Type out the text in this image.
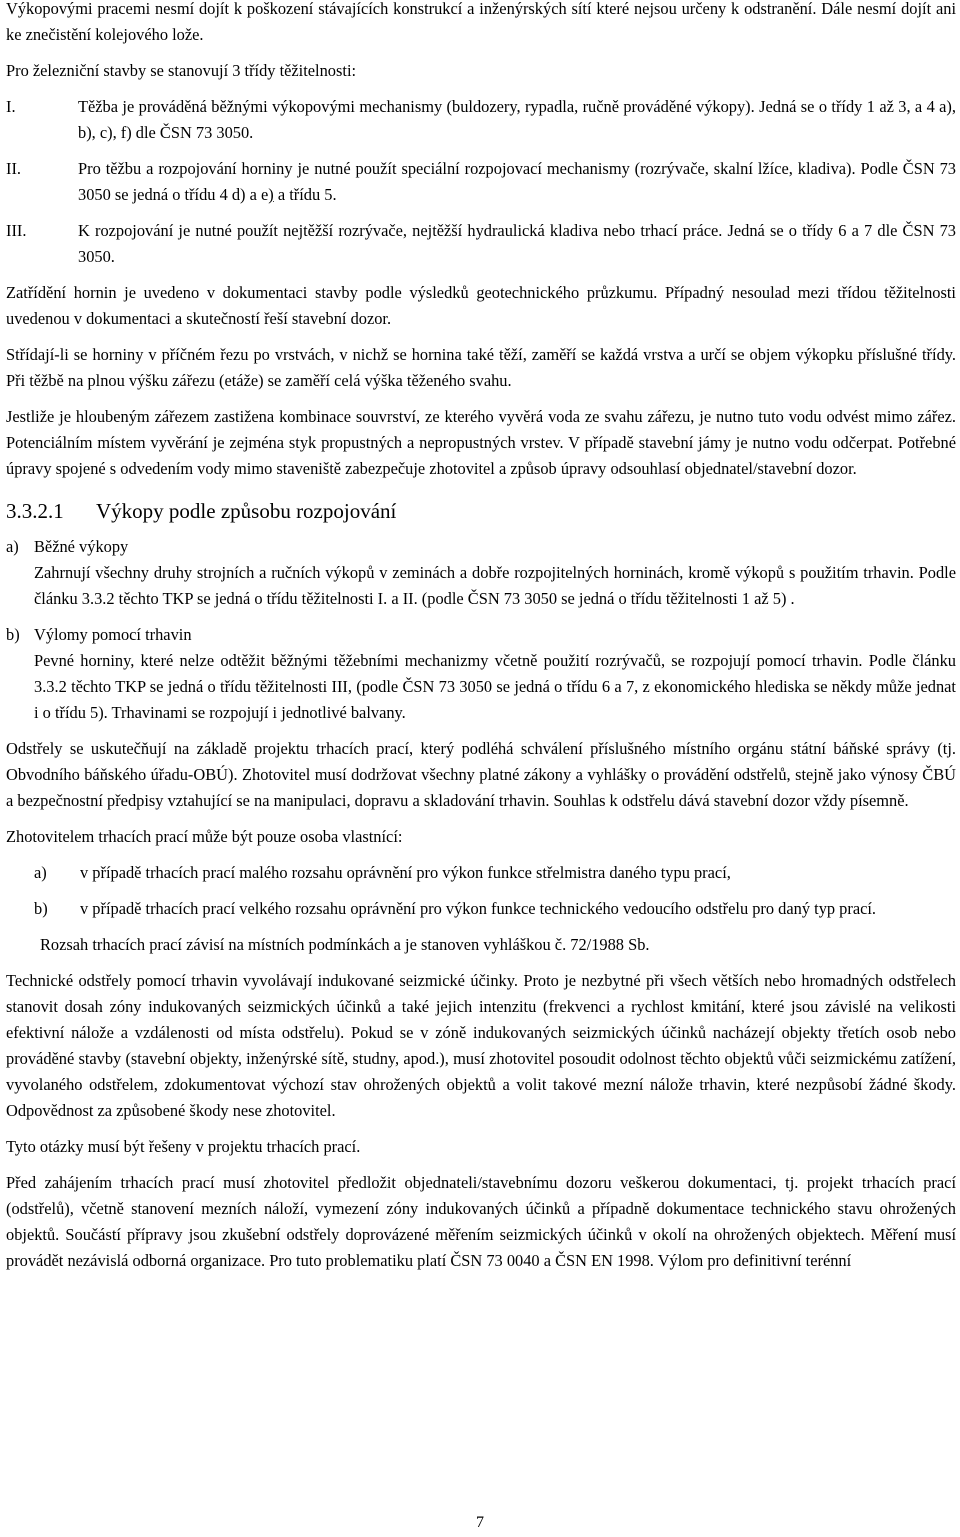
Výkopovými pracemi nesmí dojít k poškození stávajících konstrukcí a inženýrských sítí které nejsou určeny k odstranění. Dále nesmí dojít ani ke znečistění kolejového lože.

Pro železniční stavby se stanovují 3 třídy těžitelnosti:

I.	Těžba je prováděná běžnými výkopovými mechanismy (buldozery, rypadla, ručně prováděné výkopy). Jedná se o třídy 1 až 3, a 4 a), b), c), f) dle ČSN 73 3050.
II.	Pro těžbu a rozpojování horniny je nutné použít speciální rozpojovací mechanismy (rozrývače, skalní lžíce, kladiva). Podle ČSN 73 3050 se jedná o třídu 4 d) a e) a třídu 5.
III.	K rozpojování je nutné použít nejtěžší rozrývače, nejtěžší hydraulická kladiva nebo trhací práce. Jedná se o třídy 6 a 7 dle ČSN 73 3050.

Zatřídění hornin je uvedeno v dokumentaci stavby podle výsledků geotechnického průzkumu. Případný nesoulad mezi třídou těžitelnosti uvedenou v dokumentaci a skutečností řeší stavební dozor.

Střídají-li se horniny v příčném řezu po vrstvách, v nichž se hornina také těží, zaměří se každá vrstva a určí se objem výkopku příslušné třídy. Při těžbě na plnou výšku zářezu (etáže) se zaměří celá výška těženého svahu.

Jestliže je hloubeným zářezem zastižena kombinace souvrství, ze kterého vyvěrá voda ze svahu zářezu, je nutno tuto vodu odvést mimo zářez. Potenciálním místem vyvěrání je zejména styk propustných a nepropustných vrstev. V případě stavební jámy je nutno vodu odčerpat. Potřebné úpravy spojené s odvedením vody mimo staveniště zabezpečuje zhotovitel a způsob úpravy odsouhlasí objednatel/stavební dozor.

3.3.2.1	Výkopy podle způsobu rozpojování
a) Běžné výkopy

Zahrnují všechny druhy strojních a ručních výkopů v zeminách a dobře rozpojitelných horninách, kromě výkopů s použitím trhavin. Podle článku 3.3.2 těchto TKP se jedná o třídu těžitelnosti I. a II. (podle ČSN 73 3050 se jedná o třídu těžitelnosti 1 až 5) .

b) Výlomy pomocí trhavin

Pevné horniny, které nelze odtěžit běžnými těžebními mechanizmy včetně použití rozrývačů, se rozpojují pomocí trhavin. Podle článku 3.3.2 těchto TKP se jedná o třídu těžitelnosti III, (podle ČSN 73 3050 se jedná o třídu 6 a 7, z ekonomického hlediska se někdy může jednat i o třídu 5). Trhavinami se rozpojují i jednotlivé balvany.

Odstřely se uskutečňují na základě projektu trhacích prací, který podléhá schválení příslušného místního orgánu státní báňské správy (tj. Obvodního báňského úřadu-OBÚ). Zhotovitel musí dodržovat všechny platné zákony a vyhlášky o provádění odstřelů, stejně jako výnosy ČBÚ a bezpečnostní předpisy vztahující se na manipulaci, dopravu a skladování trhavin. Souhlas k odstřelu dává stavební dozor vždy písemně.

Zhotovitelem trhacích prací může být pouze osoba vlastnící:

a)	v případě trhacích prací malého rozsahu oprávnění pro výkon funkce střelmistra daného typu prací,
b)	v případě trhacích prací velkého rozsahu oprávnění pro výkon funkce technického vedoucího odstřelu pro daný typ prací.

Rozsah trhacích prací závisí na místních podmínkách a je stanoven vyhláškou č. 72/1988 Sb.

Technické odstřely pomocí trhavin vyvolávají indukované seizmické účinky. Proto je nezbytné při všech větších nebo hromadných odstřelech stanovit dosah zóny indukovaných seizmických účinků a také jejich intenzitu (frekvenci a rychlost kmitání, které jsou závislé na velikosti efektivní nálože a vzdálenosti od místa odstřelu). Pokud se v zóně indukovaných seizmických účinků nacházejí objekty třetích osob nebo prováděné stavby (stavební objekty, inženýrské sítě, studny, apod.), musí zhotovitel posoudit odolnost těchto objektů vůči seizmickému zatížení, vyvolaného odstřelem, zdokumentovat výchozí stav ohrožených objektů a volit takové mezní nálože trhavin, které nezpůsobí žádné škody. Odpovědnost za způsobené škody nese zhotovitel.

Tyto otázky musí být řešeny v projektu trhacích prací.

Před zahájením trhacích prací musí zhotovitel předložit objednateli/stavebnímu dozoru veškerou dokumentaci, tj. projekt trhacích prací (odstřelů), včetně stanovení mezních náloží, vymezení zóny indukovaných účinků a případně dokumentace technického stavu ohrožených objektů. Součástí přípravy jsou zkušební odstřely doprovázené měřením seizmických účinků v okolí na ohrožených objektech. Měření musí provádět nezávislá odborná organizace. Pro tuto problematiku platí ČSN 73 0040 a ČSN EN 1998. Výlom pro definitivní terénní

7
